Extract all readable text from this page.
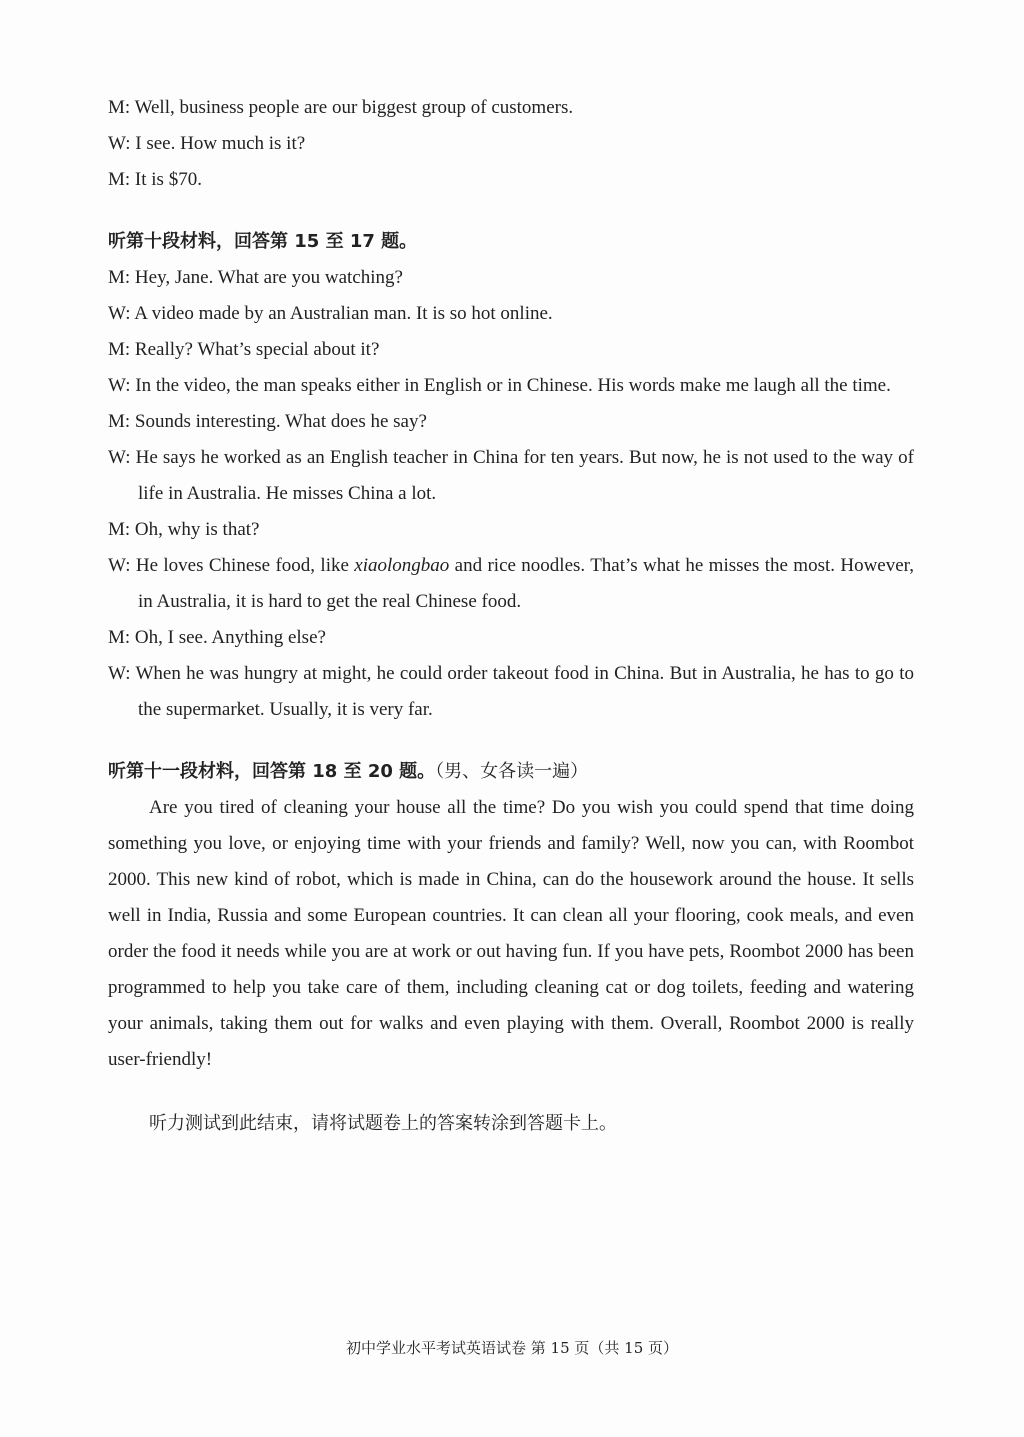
M: Well, business people are our biggest group of customers.
W: I see. How much is it?
M: It is $70.
听第十段材料，回答第 15 至 17 题。
M: Hey, Jane. What are you watching?
W: A video made by an Australian man. It is so hot online.
M: Really? What’s special about it?
W: In the video, the man speaks either in English or in Chinese. His words make me laugh all the time.
M: Sounds interesting. What does he say?
W: He says he worked as an English teacher in China for ten years. But now, he is not used to the way of life in Australia. He misses China a lot.
M: Oh, why is that?
W: He loves Chinese food, like xiaolongbao and rice noodles. That’s what he misses the most. However, in Australia, it is hard to get the real Chinese food.
M: Oh, I see. Anything else?
W: When he was hungry at might, he could order takeout food in China. But in Australia, he has to go to the supermarket. Usually, it is very far.
听第十一段材料，回答第 18 至 20 题。（男、女各读一遍）
Are you tired of cleaning your house all the time? Do you wish you could spend that time doing something you love, or enjoying time with your friends and family? Well, now you can, with Roombot 2000. This new kind of robot, which is made in China, can do the housework around the house. It sells well in India, Russia and some European countries. It can clean all your flooring, cook meals, and even order the food it needs while you are at work or out having fun. If you have pets, Roombot 2000 has been programmed to help you take care of them, including cleaning cat or dog toilets, feeding and watering your animals, taking them out for walks and even playing with them. Overall, Roombot 2000 is really user-friendly!
听力测试到此结束，请将试题卷上的答案转涂到答题卡上。
初中学业水平考试英语试卷 第 15 页（共 15 页）
